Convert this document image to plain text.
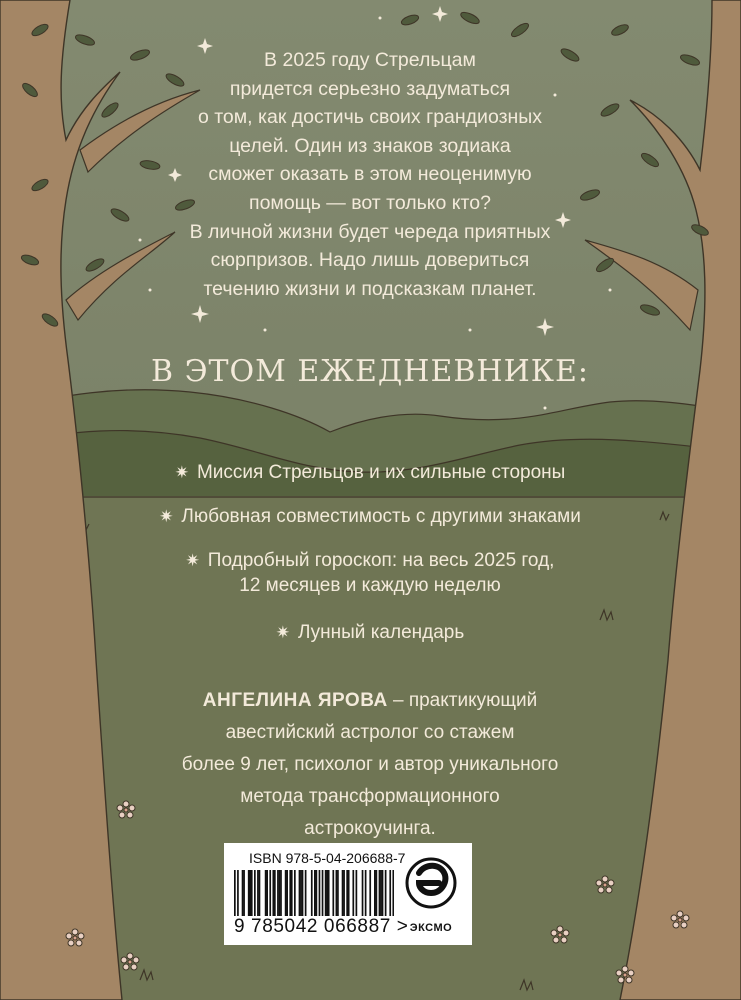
В 2025 году Стрельцам
придется серьезно задуматься
о том, как достичь своих грандиозных
целей. Один из знаков зодиака
сможет оказать в этом неоценимую
помощь — вот только кто?
В личной жизни будет череда приятных
сюрпризов. Надо лишь довериться
течению жизни и подсказкам планет.
В ЭТОМ ЕЖЕДНЕВНИКЕ:
✷ Миссия Стрельцов и их сильные стороны
✷ Любовная совместимость с другими знаками
✷ Подробный гороскоп: на весь 2025 год,
12 месяцев и каждую неделю
✷ Лунный календарь
АНГЕЛИНА ЯРОВА – практикующий
авестийский астролог со стажем
более 9 лет, психолог и автор уникального
метода трансформационного
астрокоучинга.
ISBN 978-5-04-206688-7
9 785042 066887 > ЭКСМО
